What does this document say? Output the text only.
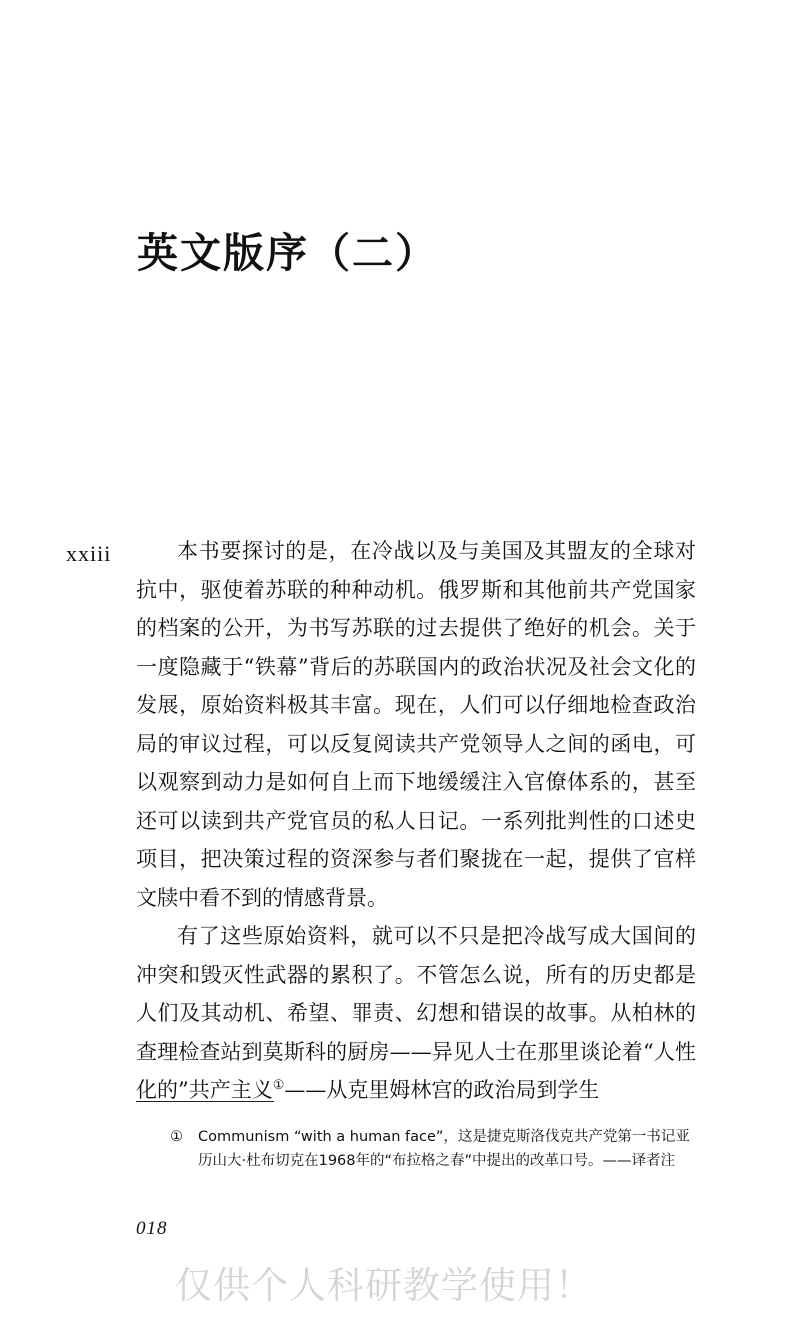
英文版序（二）
xxiii	本书要探讨的是，在冷战以及与美国及其盟友的全球对抗中，驱使着苏联的种种动机。俄罗斯和其他前共产党国家的档案的公开，为书写苏联的过去提供了绝好的机会。关于一度隐藏于“铁幕”背后的苏联国内的政治状况及社会文化的发展，原始资料极其丰富。现在，人们可以仔细地检查政治局的审议过程，可以反复阅读共产党领导人之间的函电，可以观察到动力是如何自上而下地缓缓注入官僚体系的，甚至还可以读到共产党官员的私人日记。一系列批判性的口述史项目，把决策过程的资深参与者们聚拢在一起，提供了官样文牍中看不到的情感背景。

有了这些原始资料，就可以不只是把冷战写成大国间的冲突和毁灭性武器的累积了。不管怎么说，所有的历史都是人们及其动机、希望、罪责、幻想和错误的故事。从柏林的查理检查站到莫斯科的厨房——异见人士在那里谈论着“人性化的”共产主义①——从克里姆林宫的政治局到学生

① Communism “with a human face”，这是捷克斯洛伐克共产党第一书记亚历山大·杜布切克在1968年的“布拉格之春”中提出的改革口号。——译者注
018
仅供个人科研教学使用！
